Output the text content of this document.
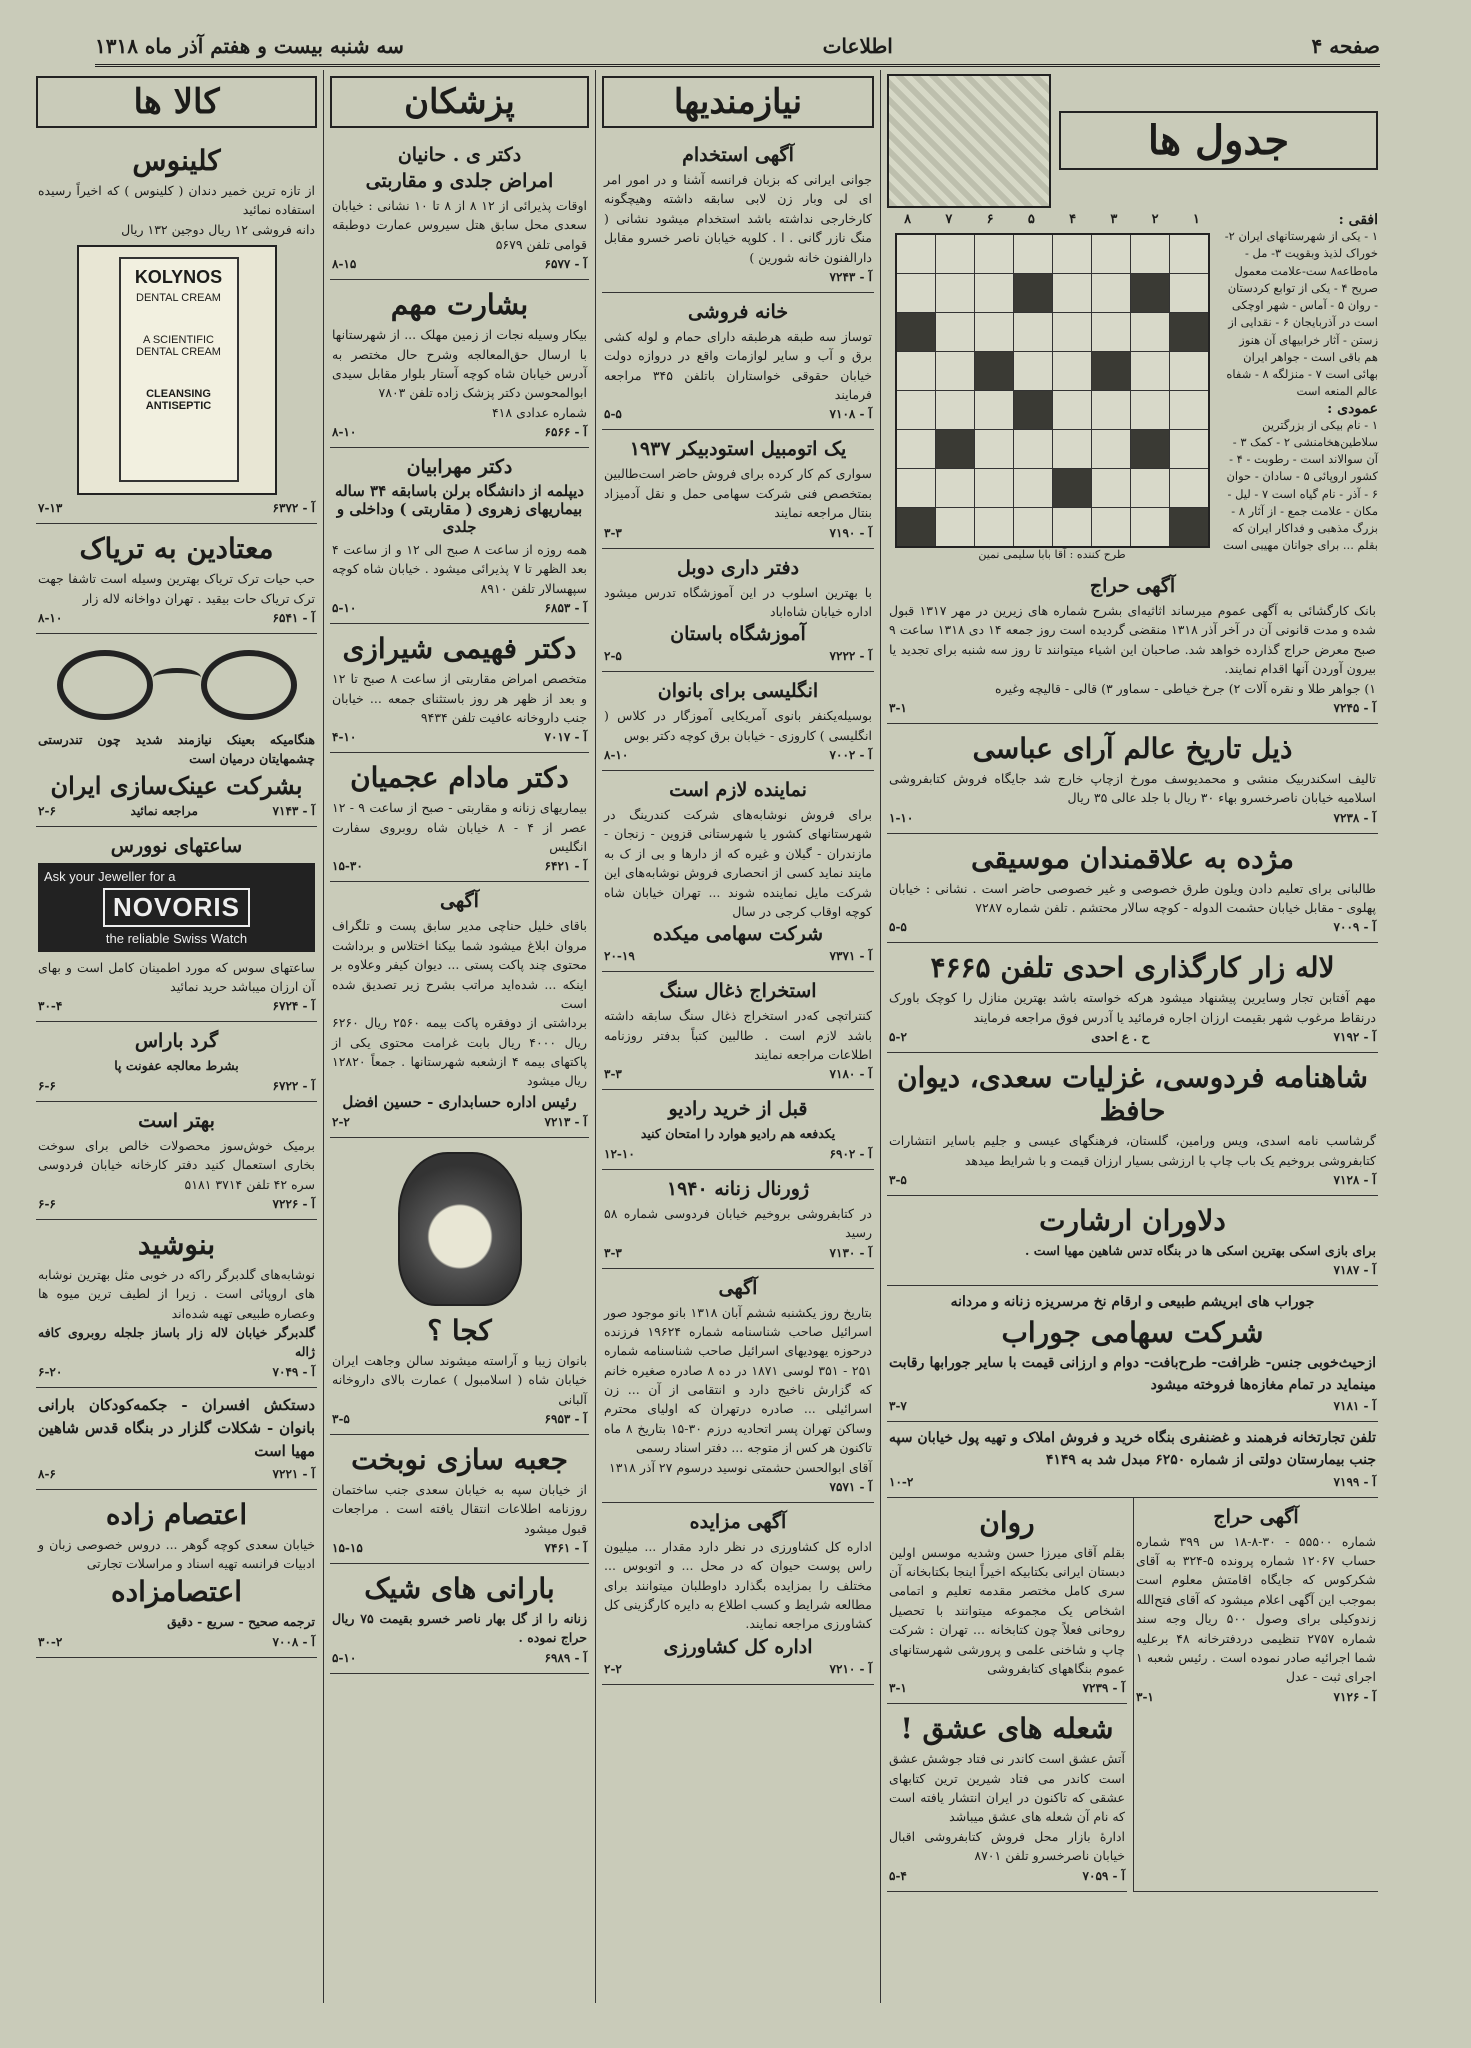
صفحه ۴
اطلاعات
سه شنبه بیست و هفتم آذر ماه ۱۳۱۸
جدول ها
افقی :

۱ - یکی از شهرستانهای ایران ۲- خوراک لذیذ وبقویت ۳- مل - ماه‌طاعه۸ ست-علامت معمول صریح ۴ - یکی از توابع کردستان - روان ۵ - آماس - شهر اوچکی است در آذربایجان ۶ - نقدایی از زستن - آثار خرابیهای آن هنوز هم باقی است - جواهر ایران بهائی است ۷ - منزلگه ۸ - شفاه عالم المنعه است

عمودی :

۱ - نام بیکی از بزرگترین سلاطین‌هخامنشی ۲ - کمک ۳ - آن سوالاند است - رطوبت - ۴ - کشور اروپائی ۵ - سادان - حوان ۶ - آذر - نام گیاه است ۷ - لیل - مکان - علامت جمع - از آثار ۸ - بزرگ مذهبی و فداکار ایران که بقلم ... برای جوانان مهیبی است

۸	۷	۶	۵	۴	۳	۲	۱

طرح کننده : آقا بابا سلیمی نمین
آگهی حراج

بانک کارگشائی به آگهی عموم میرساند اثاثیه‌ای بشرح شماره های زیرین در مهر ۱۳۱۷ قبول شده و مدت قانونی آن در آخر آذر ۱۳۱۸ منقضی گردیده است روز جمعه ۱۴ دی ۱۳۱۸ ساعت ۹ صبح معرض حراج گذارده خواهد شد. صاحبان این اشیاء میتوانند تا روز سه شنبه برای تجدید یا بیرون آوردن آنها اقدام نمایند.

۱) جواهر طلا و نقره آلات ۲) جرخ خیاطی - سماور ۳) قالی - قالیچه وغیره

آ - ۷۲۴۵
۳-۱
ذیل تاریخ عالم آرای عباسی

تالیف اسکندربیک منشی و محمدیوسف مورخ ازچاپ خارج شد جایگاه فروش کتابفروشی اسلامیه خیابان ناصرخسرو بهاء ۳۰ ریال با جلد عالی ۳۵ ریال

آ - ۷۲۳۸
۱-۱۰
مژده به علاقمندان موسیقی

طالبانی برای تعلیم دادن ویلون طرق خصوصی و غیر خصوصی حاضر است . نشانی : خیابان پهلوی - مقابل خیابان حشمت الدوله - کوچه سالار محتشم . تلفن شماره ۷۲۸۷

آ - ۷۰۰۹
۵-۵
لاله زار کارگذاری احدی تلفن ۴۶۶۵

مهم آفتابن تجار وسایرین پیشنهاد میشود هرکه خواسته باشد بهترین منازل را کوچک باورک درنقاط مرغوب شهر بقیمت ارزان اجاره فرمائید یا آدرس فوق مراجعه فرمایند

آ - ۷۱۹۲
ح . ع احدی
۵-۲
شاهنامه فردوسی، غزلیات سعدی، دیوان حافظ

گرشاسب نامه اسدی، ویس ورامین، گلستان، فرهنگهای عیسی و جلیم باسایر انتشارات کتابفروشی بروخیم یک باب چاپ با ارزشی بسیار ارزان قیمت و با شرایط میدهد

آ - ۷۱۲۸
۳-۵
دلاوران ارشارت

برای بازی اسکی بهترین اسکی ها در بنگاه تدس شاهین مهیا است .

آ - ۷۱۸۷

جوراب های ابریشم طبیعی و ارقام نخ مرسریزه زنانه و مردانه

شرکت سهامی جوراب

ازحیث‌خوبی جنس- ظرافت- طرح‌بافت- دوام و ارزانی قیمت با سایر جورابها رقابت مینماید در تمام مغازه‌ها فروخته میشود

آ - ۷۱۸۱
۳-۷

تلفن تجارتخانه فرهمند و غضنفری بنگاه خرید و فروش املاک و تهیه پول خیابان سپه جنب بیمارستان دولتی از شماره ۶۲۵۰ مبدل شد به ۴۱۴۹

آ - ۷۱۹۹
۱۰-۲
آگهی حراج

شماره ۵۵۵۰۰ - ۳۰-۸-۱۸ س ۳۹۹ شماره حساب ۱۲۰۶۷ شماره پرونده ۵-۳۲۴ به آقای شکرکوس که جایگاه اقامتش معلوم است بموجب این آگهی اعلام میشود که آقای فتح‌الله زندوکیلی برای وصول ۵۰۰ ریال وجه سند شماره ۲۷۵۷ تنظیمی دردفترخانه ۴۸ برعلیه شما اجرائیه صادر نموده است . رئیس شعبه ۱ اجرای ثبت - عدل

آ - ۷۱۲۶
۳-۱
روان

بقلم آقای میرزا حسن وشدیه موسس اولین دبستان ایرانی بکتابیکه اخیراً اینجا بکتابخانه آن سری کامل مختصر مقدمه تعلیم و اتمامی اشخاص یک مجموعه میتوانند با تحصیل روحانی فعلاً چون کتابخانه ... تهران : شرکت چاپ و شاخنی علمی و پرورشی شهرستانهای عموم بنگاههای کتابفروشی

آ - ۷۲۳۹
۳-۱
شعله های عشق !

آتش عشق است کاندر نی فتاد جوشش عشق است کاندر می فتاد شیرین ترین کتابهای عشقی که تاکنون در ایران انتشار یافته است که نام آن شعله های عشق میباشد

ادارهٔ بازار محل فروش کتابفروشی اقبال خیابان ناصرخسرو تلفن ۸۷۰۱

آ - ۷۰۵۹
۵-۴
نیازمندیها
آگهی استخدام

جوانی ایرانی که بزبان فرانسه آشنا و در امور امر ای لی وبار زن لابی سابقه داشته وهیچگونه کارخارجی نداشته باشد استخدام میشود نشانی ( منگ نازر گانی . ا . کلوپه خیابان ناصر خسرو مقابل دارالفنون خانه شورین )

آ - ۷۲۴۳
خانه فروشی

توساز سه طبقه هرطبقه دارای حمام و لوله کشی برق و آب و سایر لوازمات واقع در دروازه دولت خیابان حقوقی خواستاران باتلفن ۳۴۵ مراجعه فرمایند

آ - ۷۱۰۸
۵-۵
یک اتومبیل استودبیکر ۱۹۳۷

سواری کم کار کرده برای فروش حاضر است‌طالبین بمتخصص فنی شرکت سهامی حمل و نقل آدمیزاد بنتال مراجعه نمایند

آ - ۷۱۹۰
۳-۳
دفتر داری دوبل

با بهترین اسلوب در این آموزشگاه تدرس میشود اداره خیابان شاه‌اباد

آموزشگاه باستان
آ - ۷۲۲۲
۲-۵
انگلیسی برای بانوان

بوسیله‌یکنفر بانوی آمریکایی آموزگار در کلاس ( انگلیسی ) کاروزی - خیابان برق کوچه دکتر بوس

آ - ۷۰۰۲
۸-۱۰
نماینده لازم است

برای فروش نوشابه‌های شرکت کندرینگ در شهرستانهای کشور یا شهرستانی قزوین - زنجان - مازندران - گیلان و غیره که از دارها و بی از ک به مایند نماید کسی از انحصاری فروش نوشابه‌های این شرکت مایل نماینده شوند ... تهران خیابان شاه کوچه اوقاب کرجی در سال

شرکت سهامی میکده
آ - ۷۳۷۱
۲۰-۱۹
استخراج ذغال سنگ

کنتراتچی که‌در استخراج ذغال سنگ سابقه داشته باشد لازم است . طالبین کتباً بدفتر روزنامه اطلاعات مراجعه نمایند

آ - ۷۱۸۰
۳-۳
قبل از خرید رادیو

یکدفعه هم رادیو هوارد را امتحان کنید

آ - ۶۹۰۲
۱۲-۱۰
ژورنال زنانه ۱۹۴۰

در کتابفروشی بروخیم خیابان فردوسی شماره ۵۸ رسید

آ - ۷۱۳۰
۳-۳
آگهی

بتاریخ روز یکشنبه ششم آبان ۱۳۱۸ بانو موجود صور اسرائیل صاحب شناسنامه شماره ۱۹۶۲۴ فرزنده درحوزه یهودیهای اسرائیل صاحب شناسنامه شماره ۲۵۱ - ۳۵۱ لوسی ۱۸۷۱ در ده ۸ صادره صغیره خانم که گزارش ناخیج دارد و انتقامی از آن ... زن اسرائیلی ... صادره درتهران که اولیای محترم وساکن تهران پسر اتحادیه درزم ۳۰-۱۵ بتاریخ ۸ ماه تاکنون هر کس از متوجه ... دفتر اسناد رسمی

آقای ابوالحسن حشمتی نوسید درسوم ۲۷ آذر ۱۳۱۸

آ - ۷۵۷۱
آگهی مزایده

اداره کل کشاورزی در نظر دارد مقدار ... میلیون راس پوست حیوان که در محل ... و اتوبوس ... مختلف را بمزایده بگذارد داوطلبان میتوانند برای مطالعه شرایط و کسب اطلاع به دایره کارگزینی کل کشاورزی مراجعه نمایند.

اداره کل کشاورزی
آ - ۷۲۱۰
۲-۲
پزشکان
دکتر ی . حانیان
امراض جلدی و مقاربتی

اوقات پذیرائی از ۱۲ ۸ از ۸ تا ۱۰ نشانی : خیابان سعدی محل سابق هتل سیروس عمارت دوطبقه قوامی تلفن ۵۶۷۹

آ - ۶۵۷۷
۸-۱۵
بشارت مهم

بیکار وسیله نجات از زمین مهلک ... از شهرستانها با ارسال حق‌المعالجه وشرح حال مختصر به آدرس خیابان شاه کوچه آستار بلوار مقابل سیدی ابوالمحوسن دکتر پزشک زاده تلفن ۷۸۰۳

شماره عدادی ۴۱۸

آ - ۶۵۶۶
۸-۱۰
دکتر مهرابیان
دیپلمه از دانشگاه برلن باسابقه ۳۴ ساله بیماریهای زهروی ( مقاربتی ) وداخلی و جلدی

همه روزه از ساعت ۸ صبح الی ۱۲ و از ساعت ۴ بعد الظهر تا ۷ پذیرائی میشود . خیابان شاه کوچه سپهسالار تلفن ۸۹۱۰

آ - ۶۸۵۳
۵-۱۰
دکتر فهیمی شیرازی

متخصص امراض مقاربتی از ساعت ۸ صبح تا ۱۲ و بعد از ظهر هر روز باستثنای جمعه ... خیابان جنب داروخانه عافیت تلفن ۹۴۳۴

آ - ۷۰۱۷
۴-۱۰
دکتر مادام عجمیان

بیماریهای زنانه و مقاربتی - صبح از ساعت ۹ - ۱۲ عصر از ۴ - ۸ خیابان شاه روبروی سفارت انگلیس

آ - ۶۴۲۱
۱۵-۳۰
آگهی

باقای خلیل حناچی مدیر سابق پست و تلگراف مروان ابلاغ میشود شما بیکنا اختلاس و برداشت محتوی چند پاکت پستی ... دیوان کیفر وعلاوه بر اینکه ... شده‌اید مراتب بشرح زیر تصدیق شده است

برداشتی از دوفقره پاکت بیمه ۲۵۶۰ ریال ۶۲۶۰ ریال ۴۰۰۰ ریال بابت غرامت محتوی یکی از پاکتهای بیمه ۴ ازشعبه شهرستانها . جمعاً ۱۲۸۲۰ ریال میشود

رئیس اداره حسابداری - حسین افضل
آ - ۷۲۱۳
۲-۲
کجا ؟

بانوان زیبا و آراسته میشوند سالن وجاهت ایران خیابان شاه ( اسلامبول ) عمارت بالای داروخانه آلبانی

آ - ۶۹۵۳
۳-۵
جعبه سازی نوبخت

از خیابان سپه به خیابان سعدی جنب ساختمان روزنامه اطلاعات انتقال یافته است . مراجعات قبول میشود

آ - ۷۴۶۱
۱۵-۱۵
بارانی های شیک

زنانه را از گل بهار ناصر خسرو بقیمت ۷۵ ریال حراج نموده .

آ - ۶۹۸۹
۵-۱۰
کالا ها
کلینوس

از تازه ترین خمیر دندان ( کلینوس ) که اخیراً رسیده استفاده نمائید

دانه فروشی ۱۲ ریال دوجین ۱۳۲ ریال

KOLYNOS
DENTAL CREAM
A SCIENTIFIC DENTAL CREAM
CLEANSING ANTISEPTIC
آ - ۶۳۷۲
۷-۱۳
معتادین به تریاک

حب حیات ترک تریاک بهترین وسیله است تاشفا جهت ترک تریاک حات بیقید . تهران دواخانه لاله زار

آ - ۶۵۴۱
۸-۱۰

هنگامیکه بعینک نیازمند شدید چون تندرستی چشمهایتان درمیان است

بشرکت عینک‌سازی ایران
آ - ۷۱۴۳
مراجعه نمائید
۲-۶
ساعتهای نوورس
Ask your Jeweller for a
NOVORIS
the reliable Swiss Watch

ساعتهای سوس که مورد اطمینان کامل است و بهای آن ارزان میباشد حرید نمائید

آ - ۶۷۲۴
۳۰-۴
گرد باراس

بشرط معالجه عفونت پا

آ - ۶۷۲۲
۶-۶
بهتر است

برمیک خوش‌سوز محصولات خالص برای سوخت بخاری استعمال کنید دفتر کارخانه خیابان فردوسی سره ۴۲ تلفن ۳۷۱۴ ۵۱۸۱

آ - ۷۲۲۶
۶-۶
بنوشید

نوشابه‌های گلدبرگر راکه در خوبی مثل بهترین نوشابه های اروپائی است . زیرا از لطیف ترین میوه ها وعصاره طبیعی تهیه شده‌اند

گلدبرگر خیابان لاله زار باساز جلجله روبروی کافه ژاله

آ - ۷۰۴۹
۶-۲۰

دستکش افسران - جکمه‌کودکان بارانی بانوان - شکلات گلزار در بنگاه قدس شاهین مهیا است

آ - ۷۲۲۱
۸-۶
اعتصام زاده

خیابان سعدی کوچه گوهر ... دروس خصوصی زبان و ادبیات فرانسه تهیه اسناد و مراسلات تجارتی

اعتصامزاده

ترجمه صحیح - سریع - دقیق

آ - ۷۰۰۸
۳۰-۲
